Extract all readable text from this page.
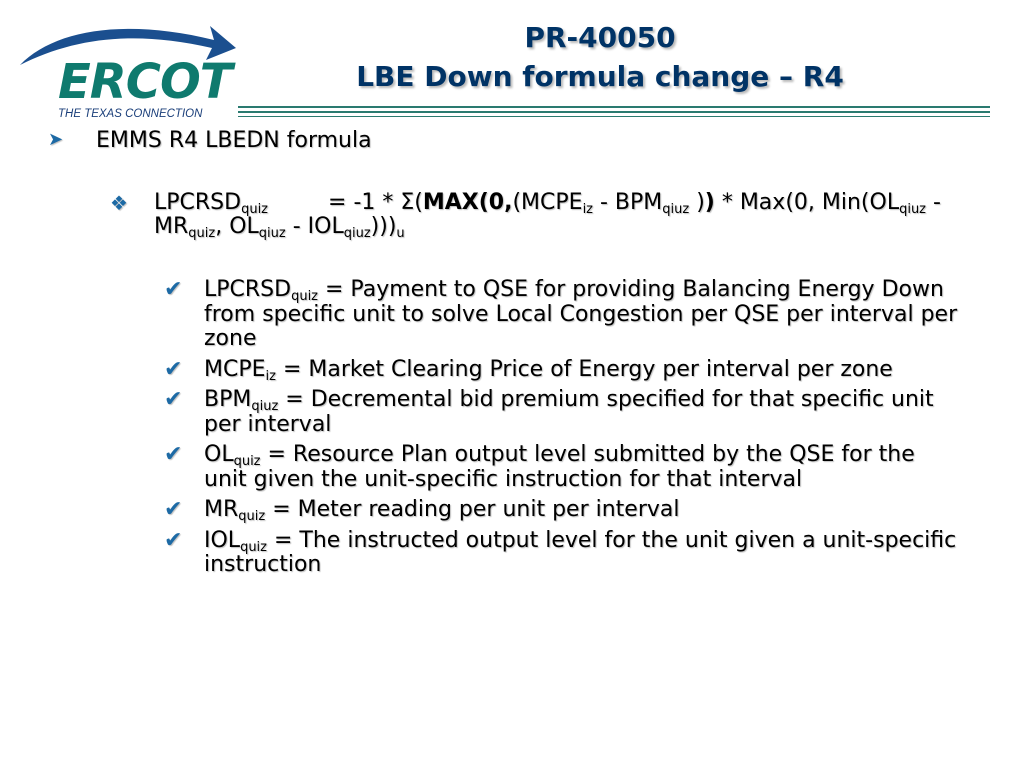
ERCOT
THE TEXAS CONNECTION
PR-40050
LBE Down formula change – R4
➤ EMMS R4 LBEDN formula
❖ $LPCRSD_{quiz}$	= $-1 * \Sigma(MAX(0,(MCPE_{iz} - BPM_{qiuz}$ )) * Max(0, $Min(OL_{qiuz}$ $-MR_{quiz}$, $OL_{qiuz} - IOL_{qiuz})))_u$
✔ $LPCRSD_{quiz}$ = Payment to QSE for providing Balancing Energy Down from specific unit to solve Local Congestion per QSE per interval per zone
✔ $MCPE_{iz}$ = Market Clearing Price of Energy per interval per zone
✔ $BPM_{qiuz}$ = Decremental bid premium specified for that specific unit per interval
✔ $OL_{quiz}$ = Resource Plan output level submitted by the QSE for the unit given the unit-specific instruction for that interval
✔ $MR_{quiz}$ = Meter reading per unit per interval
✔ $IOL_{quiz}$ = The instructed output level for the unit given a unit-specific instruction
